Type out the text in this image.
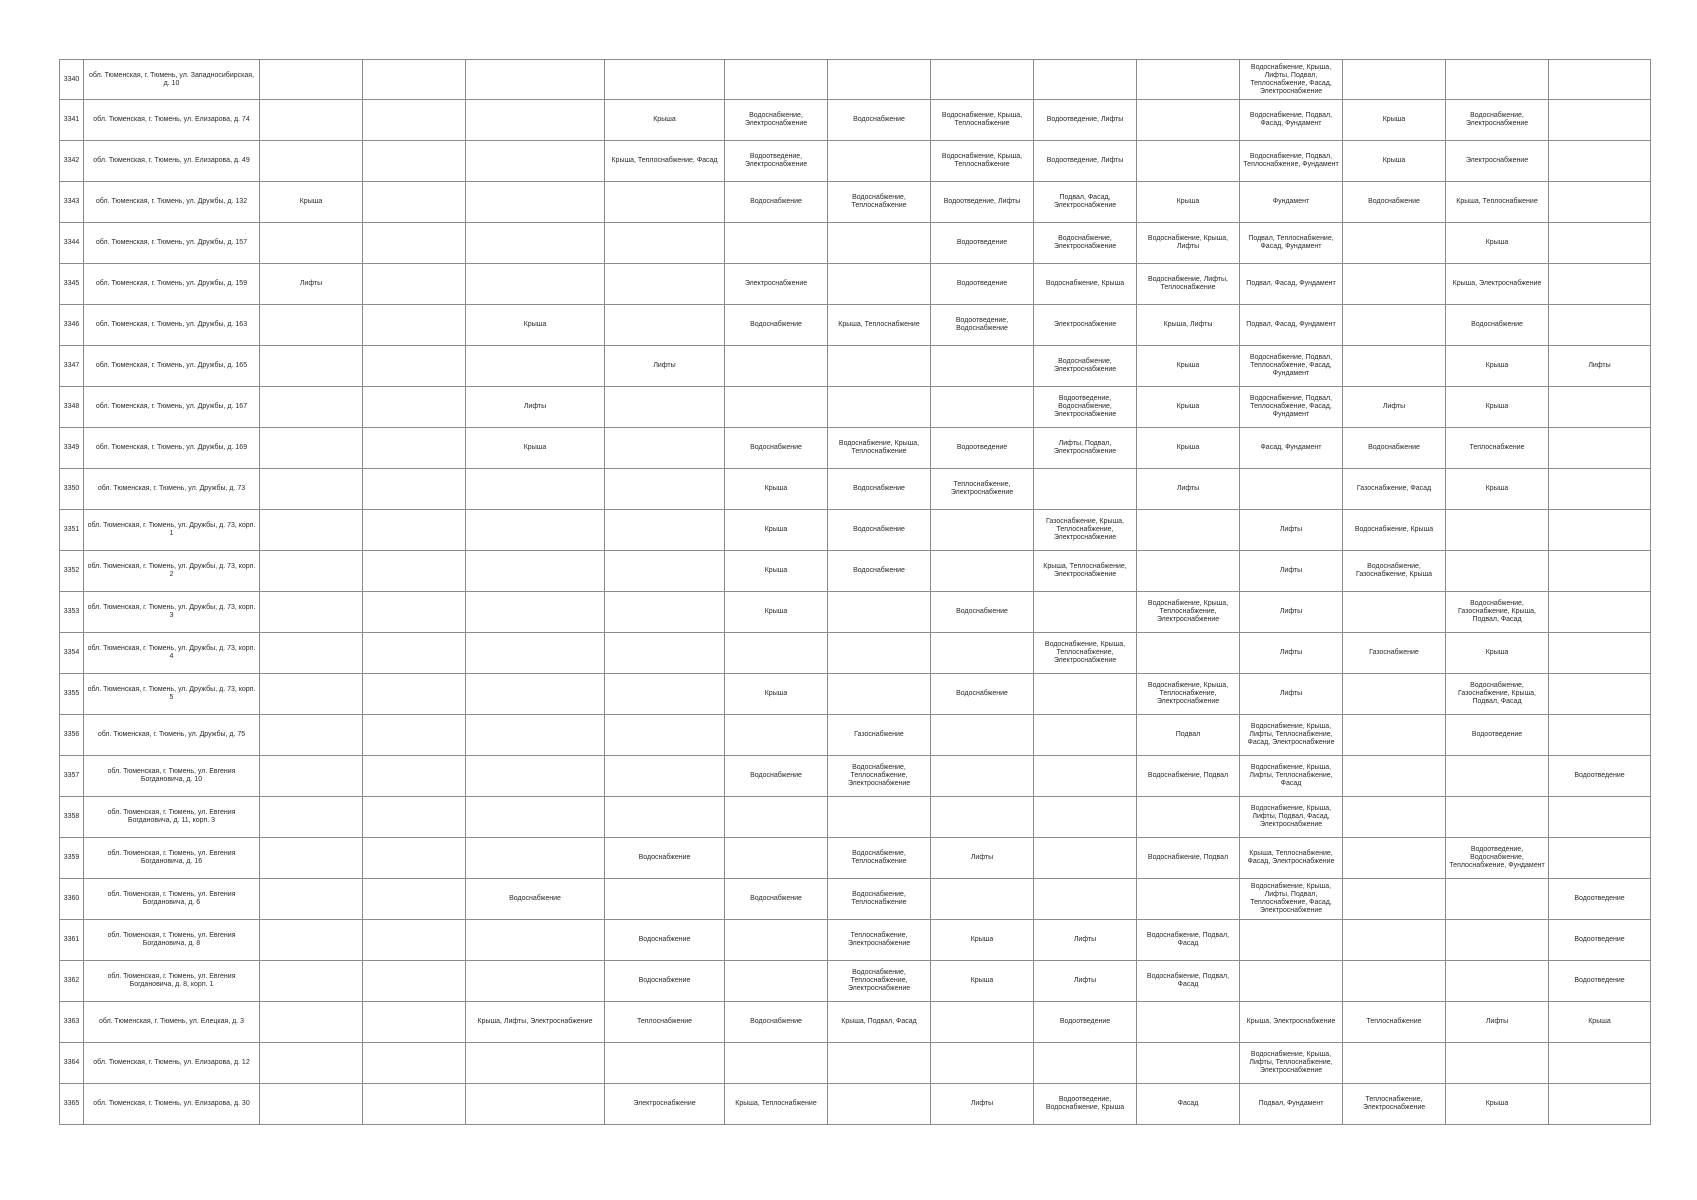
3340	обл. Тюменская, г. Тюмень, ул. Западносибирская, д. 10										Водоснабжение, Крыша, Лифты, Подвал, Теплоснабжение, Фасад, Электроснабжение			
3341	обл. Тюменская, г. Тюмень, ул. Елизарова, д. 74				Крыша	Водоснабжение, Электроснабжение	Водоснабжение	Водоснабжение, Крыша, Теплоснабжение	Водоотведение, Лифты		Водоснабжение, Подвал, Фасад, Фундамент	Крыша	Водоснабжение, Электроснабжение	
3342	обл. Тюменская, г. Тюмень, ул. Елизарова, д. 49				Крыша, Теплоснабжение, Фасад	Водоотведение, Электроснабжение		Водоснабжение, Крыша, Теплоснабжение	Водоотведение, Лифты		Водоснабжение, Подвал, Теплоснабжение, Фундамент	Крыша	Электроснабжение	
3343	обл. Тюменская, г. Тюмень, ул. Дружбы, д. 132	Крыша				Водоснабжение	Водоснабжение, Теплоснабжение	Водоотведение, Лифты	Подвал, Фасад, Электроснабжение	Крыша	Фундамент	Водоснабжение	Крыша, Теплоснабжение	
3344	обл. Тюменская, г. Тюмень, ул. Дружбы, д. 157							Водоотведение	Водоснабжение, Электроснабжение	Водоснабжение, Крыша, Лифты	Подвал, Теплоснабжение, Фасад, Фундамент		Крыша	
3345	обл. Тюменская, г. Тюмень, ул. Дружбы, д. 159	Лифты				Электроснабжение		Водоотведение	Водоснабжение, Крыша	Водоснабжение, Лифты, Теплоснабжение	Подвал, Фасад, Фундамент		Крыша, Электроснабжение	
3346	обл. Тюменская, г. Тюмень, ул. Дружбы, д. 163			Крыша		Водоснабжение	Крыша, Теплоснабжение	Водоотведение, Водоснабжение	Электроснабжение	Крыша, Лифты	Подвал, Фасад, Фундамент		Водоснабжение	
3347	обл. Тюменская, г. Тюмень, ул. Дружбы, д. 165				Лифты				Водоснабжение, Электроснабжение	Крыша	Водоснабжение, Подвал, Теплоснабжение, Фасад, Фундамент		Крыша	Лифты
3348	обл. Тюменская, г. Тюмень, ул. Дружбы, д. 167			Лифты					Водоотведение, Водоснабжение, Электроснабжение	Крыша	Водоснабжение, Подвал, Теплоснабжение, Фасад, Фундамент	Лифты	Крыша	
3349	обл. Тюменская, г. Тюмень, ул. Дружбы, д. 169			Крыша		Водоснабжение	Водоснабжение, Крыша, Теплоснабжение	Водоотведение	Лифты, Подвал, Электроснабжение	Крыша	Фасад, Фундамент	Водоснабжение	Теплоснабжение	
3350	обл. Тюменская, г. Тюмень, ул. Дружбы, д. 73					Крыша	Водоснабжение	Теплоснабжение, Электроснабжение		Лифты		Газоснабжение, Фасад	Крыша	
3351	обл. Тюменская, г. Тюмень, ул. Дружбы, д. 73, корп. 1					Крыша	Водоснабжение		Газоснабжение, Крыша, Теплоснабжение, Электроснабжение		Лифты	Водоснабжение, Крыша		
3352	обл. Тюменская, г. Тюмень, ул. Дружбы, д. 73, корп. 2					Крыша	Водоснабжение		Крыша, Теплоснабжение, Электроснабжение		Лифты	Водоснабжение, Газоснабжение, Крыша		
3353	обл. Тюменская, г. Тюмень, ул. Дружбы, д. 73, корп. 3					Крыша		Водоснабжение		Водоснабжение, Крыша, Теплоснабжение, Электроснабжение	Лифты		Водоснабжение, Газоснабжение, Крыша, Подвал, Фасад	
3354	обл. Тюменская, г. Тюмень, ул. Дружбы, д. 73, корп. 4								Водоснабжение, Крыша, Теплоснабжение, Электроснабжение		Лифты	Газоснабжение	Крыша	
3355	обл. Тюменская, г. Тюмень, ул. Дружбы, д. 73, корп. 5					Крыша		Водоснабжение		Водоснабжение, Крыша, Теплоснабжение, Электроснабжение	Лифты		Водоснабжение, Газоснабжение, Крыша, Подвал, Фасад	
3356	обл. Тюменская, г. Тюмень, ул. Дружбы, д. 75						Газоснабжение			Подвал	Водоснабжение, Крыша, Лифты, Теплоснабжение, Фасад, Электроснабжение		Водоотведение	
3357	обл. Тюменская, г. Тюмень, ул. Евгения Богдановича, д. 10					Водоснабжение	Водоснабжение, Теплоснабжение, Электроснабжение			Водоснабжение, Подвал	Водоснабжение, Крыша, Лифты, Теплоснабжение, Фасад			Водоотведение
3358	обл. Тюменская, г. Тюмень, ул. Евгения Богдановича, д. 11, корп. 3										Водоснабжение, Крыша, Лифты, Подвал, Фасад, Электроснабжение			
3359	обл. Тюменская, г. Тюмень, ул. Евгения Богдановича, д. 16				Водоснабжение		Водоснабжение, Теплоснабжение	Лифты		Водоснабжение, Подвал	Крыша, Теплоснабжение, Фасад, Электроснабжение		Водоотведение, Водоснабжение, Теплоснабжение, Фундамент	
3360	обл. Тюменская, г. Тюмень, ул. Евгения Богдановича, д. 6			Водоснабжение		Водоснабжение	Водоснабжение, Теплоснабжение				Водоснабжение, Крыша, Лифты, Подвал, Теплоснабжение, Фасад, Электроснабжение			Водоотведение
3361	обл. Тюменская, г. Тюмень, ул. Евгения Богдановича, д. 8				Водоснабжение		Теплоснабжение, Электроснабжение	Крыша	Лифты	Водоснабжение, Подвал, Фасад				Водоотведение
3362	обл. Тюменская, г. Тюмень, ул. Евгения Богдановича, д. 8, корп. 1				Водоснабжение		Водоснабжение, Теплоснабжение, Электроснабжение	Крыша	Лифты	Водоснабжение, Подвал, Фасад				Водоотведение
3363	обл. Тюменская, г. Тюмень, ул. Елецкая, д. 3			Крыша, Лифты, Электроснабжение	Теплоснабжение	Водоснабжение	Крыша, Подвал, Фасад		Водоотведение		Крыша, Электроснабжение	Теплоснабжение	Лифты	Крыша
3364	обл. Тюменская, г. Тюмень, ул. Елизарова, д. 12										Водоснабжение, Крыша, Лифты, Теплоснабжение, Электроснабжение			
3365	обл. Тюменская, г. Тюмень, ул. Елизарова, д. 30				Электроснабжение	Крыша, Теплоснабжение		Лифты	Водоотведение, Водоснабжение, Крыша	Фасад	Подвал, Фундамент	Теплоснабжение, Электроснабжение	Крыша	
